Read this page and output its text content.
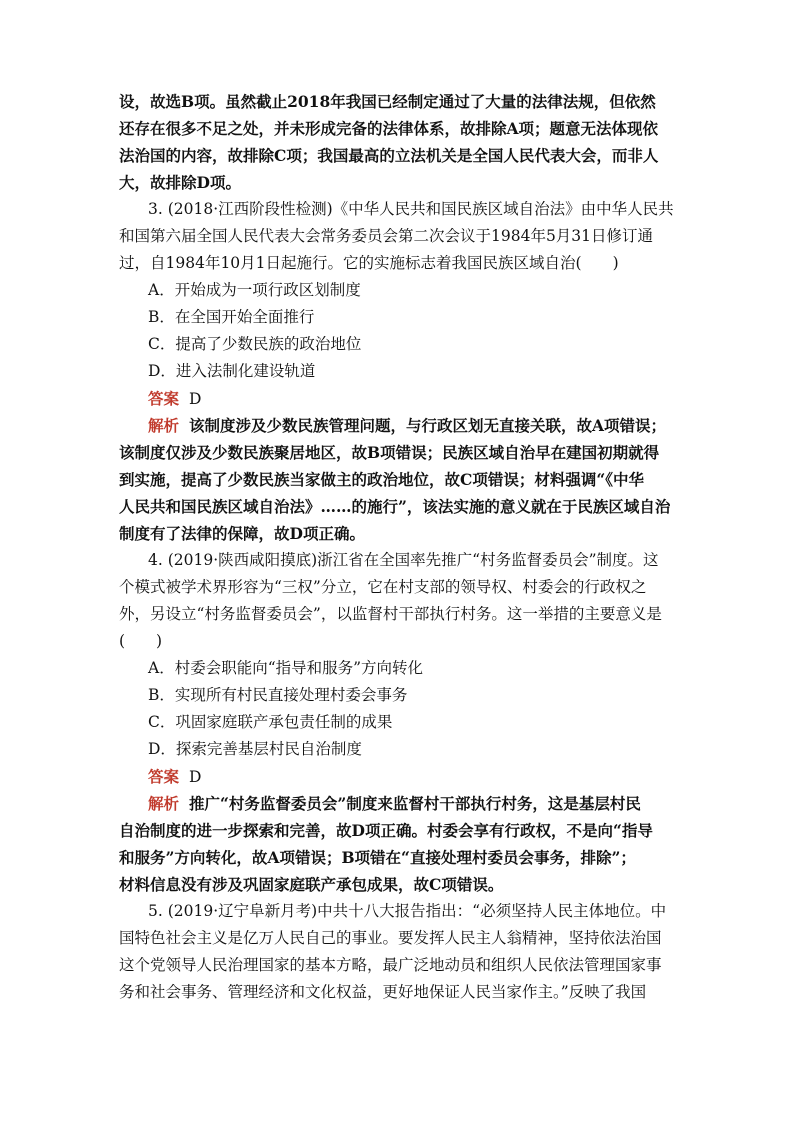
设，故选B项。虽然截止2018年我国已经制定通过了大量的法律法规，但依然
还存在很多不足之处，并未形成完备的法律体系，故排除A项；题意无法体现依
法治国的内容，故排除C项；我国最高的立法机关是全国人民代表大会，而非人
大，故排除D项。
3. (2018·江西阶段性检测)《中华人民共和国民族区域自治法》由中华人民共
和国第六届全国人民代表大会常务委员会第二次会议于1984年5月31日修订通
过，自1984年10月1日起施行。它的实施标志着我国民族区域自治(　　)
A．开始成为一项行政区划制度
B．在全国开始全面推行
C．提高了少数民族的政治地位
D．进入法制化建设轨道
答案 D
解析 该制度涉及少数民族管理问题，与行政区划无直接关联，故A项错误；
该制度仅涉及少数民族聚居地区，故B项错误；民族区域自治早在建国初期就得
到实施，提高了少数民族当家做主的政治地位，故C项错误；材料强调“《中华
人民共和国民族区域自治法》……的施行”，该法实施的意义就在于民族区域自治
制度有了法律的保障，故D项正确。
4. (2019·陕西咸阳摸底)浙江省在全国率先推广“村务监督委员会”制度。这
个模式被学术界形容为“三权”分立，它在村支部的领导权、村委会的行政权之
外，另设立“村务监督委员会”，以监督村干部执行村务。这一举措的主要意义是
(　　)
A．村委会职能向“指导和服务”方向转化
B．实现所有村民直接处理村委会事务
C．巩固家庭联产承包责任制的成果
D．探索完善基层村民自治制度
答案 D
解析 推广“村务监督委员会”制度来监督村干部执行村务，这是基层村民
自治制度的进一步探索和完善，故D项正确。村委会享有行政权，不是向“指导
和服务”方向转化，故A项错误；B项错在“直接处理村委员会事务，排除”；
材料信息没有涉及巩固家庭联产承包成果，故C项错误。
5. (2019·辽宁阜新月考)中共十八大报告指出：“必须坚持人民主体地位。中
国特色社会主义是亿万人民自己的事业。要发挥人民主人翁精神，坚持依法治国
这个党领导人民治理国家的基本方略，最广泛地动员和组织人民依法管理国家事
务和社会事务、管理经济和文化权益，更好地保证人民当家作主。”反映了我国
